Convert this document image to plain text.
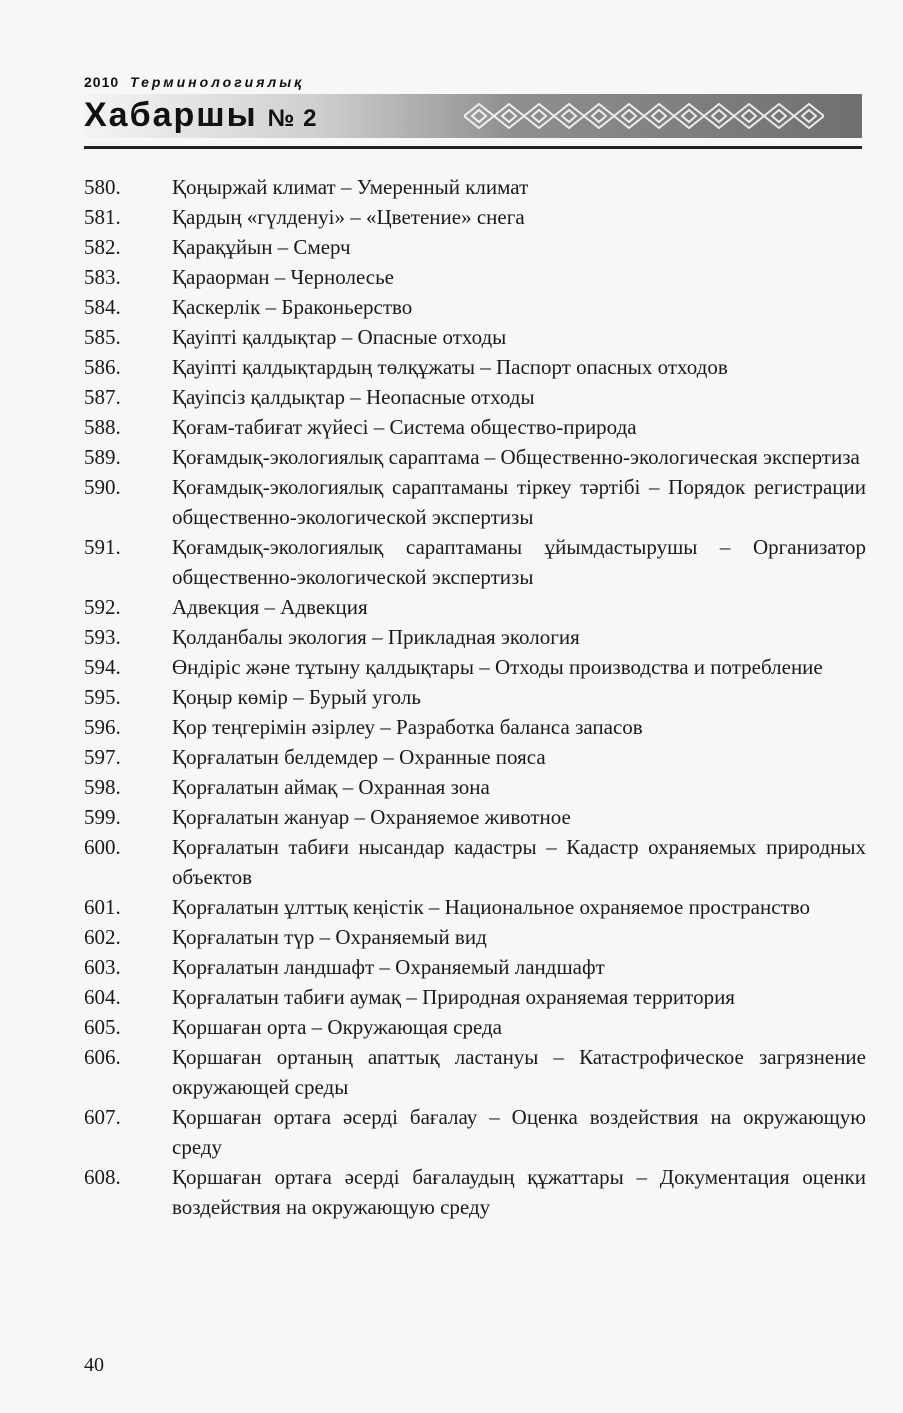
2010 Терминологиялық
Хабаршы № 2
580.	Қоңыржай климат – Умеренный климат
581.	Қардың «гүлденуі» – «Цветение» снега
582.	Қарақұйын – Смерч
583.	Қараорман – Чернолесье
584.	Қаскерлік – Браконьерство
585.	Қауіпті қалдықтар – Опасные отходы
586.	Қауіпті қалдықтардың төлқұжаты – Паспорт опасных отходов
587.	Қауіпсіз қалдықтар – Неопасные отходы
588.	Қоғам-табиғат жүйесі – Система общество-природа
589.	Қоғамдық-экологиялық сараптама – Общественно-экологическая экспертиза
590.	Қоғамдық-экологиялық сараптаманы тіркеу тәртібі – Порядок регистрации общественно-экологической экспертизы
591.	Қоғамдық-экологиялық сараптаманы ұйымдастырушы – Организатор общественно-экологической экспертизы
592.	Адвекция – Адвекция
593.	Қолданбалы экология – Прикладная экология
594.	Өндіріс және тұтыну қалдықтары – Отходы производства и потребление
595.	Қоңыр көмір – Бурый уголь
596.	Қор теңгерімін әзірлеу – Разработка баланса запасов
597.	Қорғалатын белдемдер – Охранные пояса
598.	Қорғалатын аймақ – Охранная зона
599.	Қорғалатын жануар – Охраняемое животное
600.	Қорғалатын табиғи нысандар кадастры – Кадастр охраняемых природных объектов
601.	Қорғалатын ұлттық кеңістік – Национальное охраняемое пространство
602.	Қорғалатын түр – Охраняемый вид
603.	Қорғалатын ландшафт – Охраняемый ландшафт
604.	Қорғалатын табиғи аумақ – Природная охраняемая территория
605.	Қоршаған орта – Окружающая среда
606.	Қоршаған ортаның апаттық ластануы – Катастрофическое загрязнение окружающей среды
607.	Қоршаған ортаға әсерді бағалау – Оценка воздействия на окружающую среду
608.	Қоршаған ортаға әсерді бағалаудың құжаттары – Документация оценки воздействия на окружающую среду
40
